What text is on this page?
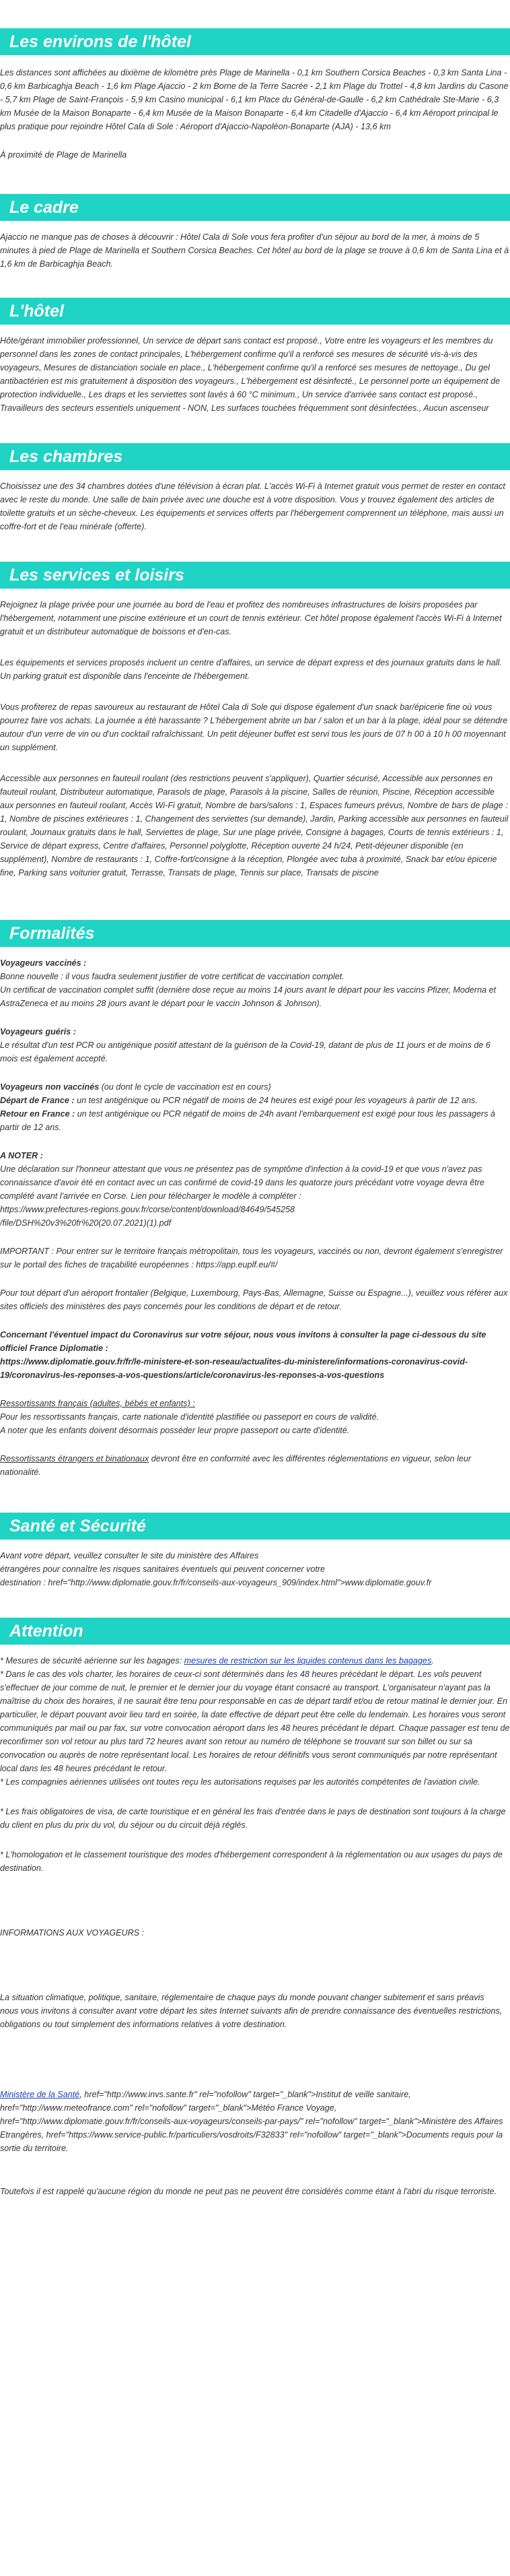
Les environs de l'hôtel

Les distances sont affichées au dixième de kilomètre près Plage de Marinella - 0,1 km Southern Corsica Beaches - 0,3 km Santa Lina - 0,6 km Barbicaghja Beach - 1,6 km Plage Ajaccio - 2 km Borne de la Terre Sacrée - 2,1 km Plage du Trottel - 4,8 km Jardins du Casone - 5,7 km Plage de Saint-François - 5,9 km Casino municipal - 6,1 km Place du Général-de-Gaulle - 6,2 km Cathédrale Ste-Marie - 6,3 km Musée de la Maison Bonaparte - 6,4 km Musée de la Maison Bonaparte - 6,4 km Citadelle d'Ajaccio - 6,4 km Aéroport principal le plus pratique pour rejoindre Hôtel Cala di Sole : Aéroport d'Ajaccio-Napoléon-Bonaparte (AJA) - 13,6 km

À proximité de Plage de Marinella

Le cadre

Ajaccio ne manque pas de choses à découvrir : Hôtel Cala di Sole vous fera profiter d'un séjour au bord de la mer, à moins de 5 minutes à pied de Plage de Marinella et Southern Corsica Beaches. Cet hôtel au bord de la plage se trouve à 0,6 km de Santa Lina et à 1,6 km de Barbicaghja Beach.

L'hôtel

Hôte/gérant immobilier professionnel, Un service de départ sans contact est proposé., Votre entre les voyageurs et les membres du personnel dans les zones de contact principales, L'hébergement confirme qu'il a renforcé ses mesures de sécurité vis-à-vis des voyageurs, Mesures de distanciation sociale en place., L'hébergement confirme qu'il a renforcé ses mesures de nettoyage., Du gel antibactérien est mis gratuitement à disposition des voyageurs., L'hébergement est désinfecté., Le personnel porte un équipement de protection individuelle., Les draps et les serviettes sont lavés à 60 °C minimum., Un service d'arrivée sans contact est proposé., Travailleurs des secteurs essentiels uniquement - NON, Les surfaces touchées fréquemment sont désinfectées., Aucun ascenseur

Les chambres

Choisissez une des 34 chambres dotées d'une télévision à écran plat. L'accès Wi-Fi à Internet gratuit vous permet de rester en contact avec le reste du monde. Une salle de bain privée avec une douche est à votre disposition. Vous y trouvez également des articles de toilette gratuits et un sèche-cheveux. Les équipements et services offerts par l'hébergement comprennent un téléphone, mais aussi un coffre-fort et de l'eau minérale (offerte).

Les services et loisirs

Rejoignez la plage privée pour une journée au bord de l'eau et profitez des nombreuses infrastructures de loisirs proposées par l'hébergement, notamment une piscine extérieure et un court de tennis extérieur. Cet hôtel propose également l'accès Wi-Fi à Internet gratuit et un distributeur automatique de boissons et d'en-cas.

Les équipements et services proposés incluent un centre d'affaires, un service de départ express et des journaux gratuits dans le hall. Un parking gratuit est disponible dans l'enceinte de l'hébergement.

Vous profiterez de repas savoureux au restaurant de Hôtel Cala di Sole qui dispose également d'un snack bar/épicerie fine où vous pourrez faire vos achats. La journée a été harassante ? L'hébergement abrite un bar / salon et un bar à la plage, idéal pour se détendre autour d'un verre de vin ou d'un cocktail rafraîchissant. Un petit déjeuner buffet est servi tous les jours de 07 h 00 à 10 h 00 moyennant un supplément.

Accessible aux personnes en fauteuil roulant (des restrictions peuvent s'appliquer), Quartier sécurisé, Accessible aux personnes en fauteuil roulant, Distributeur automatique, Parasols de plage, Parasols à la piscine, Salles de réunion, Piscine, Réception accessible aux personnes en fauteuil roulant, Accès Wi-Fi gratuit, Nombre de bars/salons : 1, Espaces fumeurs prévus, Nombre de bars de plage : 1, Nombre de piscines extérieures : 1, Changement des serviettes (sur demande), Jardin, Parking accessible aux personnes en fauteuil roulant, Journaux gratuits dans le hall, Serviettes de plage, Sur une plage privée, Consigne à bagages, Courts de tennis extérieurs : 1, Service de départ express, Centre d'affaires, Personnel polyglotte, Réception ouverte 24 h/24, Petit-déjeuner disponible (en supplément), Nombre de restaurants : 1, Coffre-fort/consigne à la réception, Plongée avec tuba à proximité, Snack bar et/ou épicerie fine, Parking sans voiturier gratuit, Terrasse, Transats de plage, Tennis sur place, Transats de piscine

Formalités

Voyageurs vaccinés :
Bonne nouvelle : il vous faudra seulement justifier de votre certificat de vaccination complet.
Un certificat de vaccination complet suffit (dernière dose reçue au moins 14 jours avant le départ pour les vaccins Pfizer, Moderna et AstraZeneca et au moins 28 jours avant le départ pour le vaccin Johnson & Johnson).

Voyageurs guéris :
Le résultat d'un test PCR ou antigénique positif attestant de la guérison de la Covid-19, datant de plus de 11 jours et de moins de 6 mois est également accepté.

Voyageurs non vaccinés (ou dont le cycle de vaccination est en cours)
Départ de France : un test antigénique ou PCR négatif de moins de 24 heures est exigé pour les voyageurs à partir de 12 ans.
Retour en France : un test antigénique ou PCR négatif de moins de 24h avant l'embarquement est exigé pour tous les passagers à partir de 12 ans.

A NOTER :
Une déclaration sur l'honneur attestant que vous ne présentez pas de symptôme d'infection à la covid-19 et que vous n'avez pas connaissance d'avoir été en contact avec un cas confirmé de covid-19 dans les quatorze jours précédant votre voyage devra être complété avant l'arrivée en Corse. Lien pour télécharger le modèle à compléter :
https://www.prefectures-regions.gouv.fr/corse/content/download/84649/545258
/file/DSH%20v3%20fr%20(20.07.2021)(1).pdf

IMPORTANT : Pour entrer sur le territoire français métropolitain, tous les voyageurs, vaccinés ou non, devront également s'enregistrer sur le portail des fiches de traçabilité européennes : https://app.euplf.eu/#/

Pour tout départ d'un aéroport frontalier (Belgique, Luxembourg, Pays-Bas, Allemagne, Suisse ou Espagne...), veuillez vous référer aux sites officiels des ministères des pays concernés pour les conditions de départ et de retour.

Concernant l'éventuel impact du Coronavirus sur votre séjour, nous vous invitons à consulter la page ci-dessous du site officiel France Diplomatie :
https://www.diplomatie.gouv.fr/fr/le-ministere-et-son-reseau/actualites-du-ministere/informations-coronavirus-covid-19/coronavirus-les-reponses-a-vos-questions/article/coronavirus-les-reponses-a-vos-questions

Ressortissants français (adultes, bébés et enfants) :
Pour les ressortissants français, carte nationale d'identité plastifiée ou passeport en cours de validité.
A noter que les enfants doivent désormais posséder leur propre passeport ou carte d'identité.

Ressortissants étrangers et binationaux devront être en conformité avec les différentes réglementations en vigueur, selon leur nationalité.

Santé et Sécurité

Avant votre départ, veuillez consulter le site du ministère des Affaires
étrangères pour connaître les risques sanitaires éventuels qui peuvent concerner votre
destination : href="http://www.diplomatie.gouv.fr/fr/conseils-aux-voyageurs_909/index.html">www.diplomatie.gouv.fr

Attention

* Mesures de sécurité aérienne sur les bagages: mesures de restriction sur les liquides contenus dans les bagages.
* Dans le cas des vols charter, les horaires de ceux-ci sont déterminés dans les 48 heures précédant le départ. Les vols peuvent s'effectuer de jour comme de nuit, le premier et le dernier jour du voyage étant consacré au transport. L'organisateur n'ayant pas la maîtrise du choix des horaires, il ne saurait être tenu pour responsable en cas de départ tardif et/ou de retour matinal le dernier jour. En particulier, le départ pouvant avoir lieu tard en soirée, la date effective de départ peut être celle du lendemain. Les horaires vous seront communiqués par mail ou par fax, sur votre convocation aéroport dans les 48 heures précédant le départ. Chaque passager est tenu de reconfirmer son vol retour au plus tard 72 heures avant son retour au numéro de téléphone se trouvant sur son billet ou sur sa convocation ou auprès de notre représentant local. Les horaires de retour définitifs vous seront communiqués par notre représentant local dans les 48 heures précédant le retour.
* Les compagnies aériennes utilisées ont toutes reçu les autorisations requises par les autorités compétentes de l'aviation civile.

* Les frais obligatoires de visa, de carte touristique et en général les frais d'entrée dans le pays de destination sont toujours à la charge du client en plus du prix du vol, du séjour ou du circuit déjà réglés.

* L'homologation et le classement touristique des modes d'hébergement correspondent à la réglementation ou aux usages du pays de destination.

INFORMATIONS AUX VOYAGEURS :

La situation climatique, politique, sanitaire, réglementaire de chaque pays du monde pouvant changer subitement et sans préavis
nous vous invitons à consulter avant votre départ les sites Internet suivants afin de prendre connaissance des éventuelles restrictions, obligations ou tout simplement des informations relatives à votre destination.

Ministère de la Santé, href="http://www.invs.sante.fr" rel="nofollow" target="_blank">Institut de veille sanitaire, href="http://www.meteofrance.com" rel="nofollow" target="_blank">Météo France Voyage, href="http://www.diplomatie.gouv.fr/fr/conseils-aux-voyageurs/conseils-par-pays/" rel="nofollow" target="_blank">Ministère des Affaires Etrangères, href="https://www.service-public.fr/particuliers/vosdroits/F32833" rel="nofollow" target="_blank">Documents requis pour la sortie du territoire.

Toutefois il est rappelé qu'aucune région du monde ne peut pas ne peuvent être considérés comme étant à l'abri du risque terroriste.
